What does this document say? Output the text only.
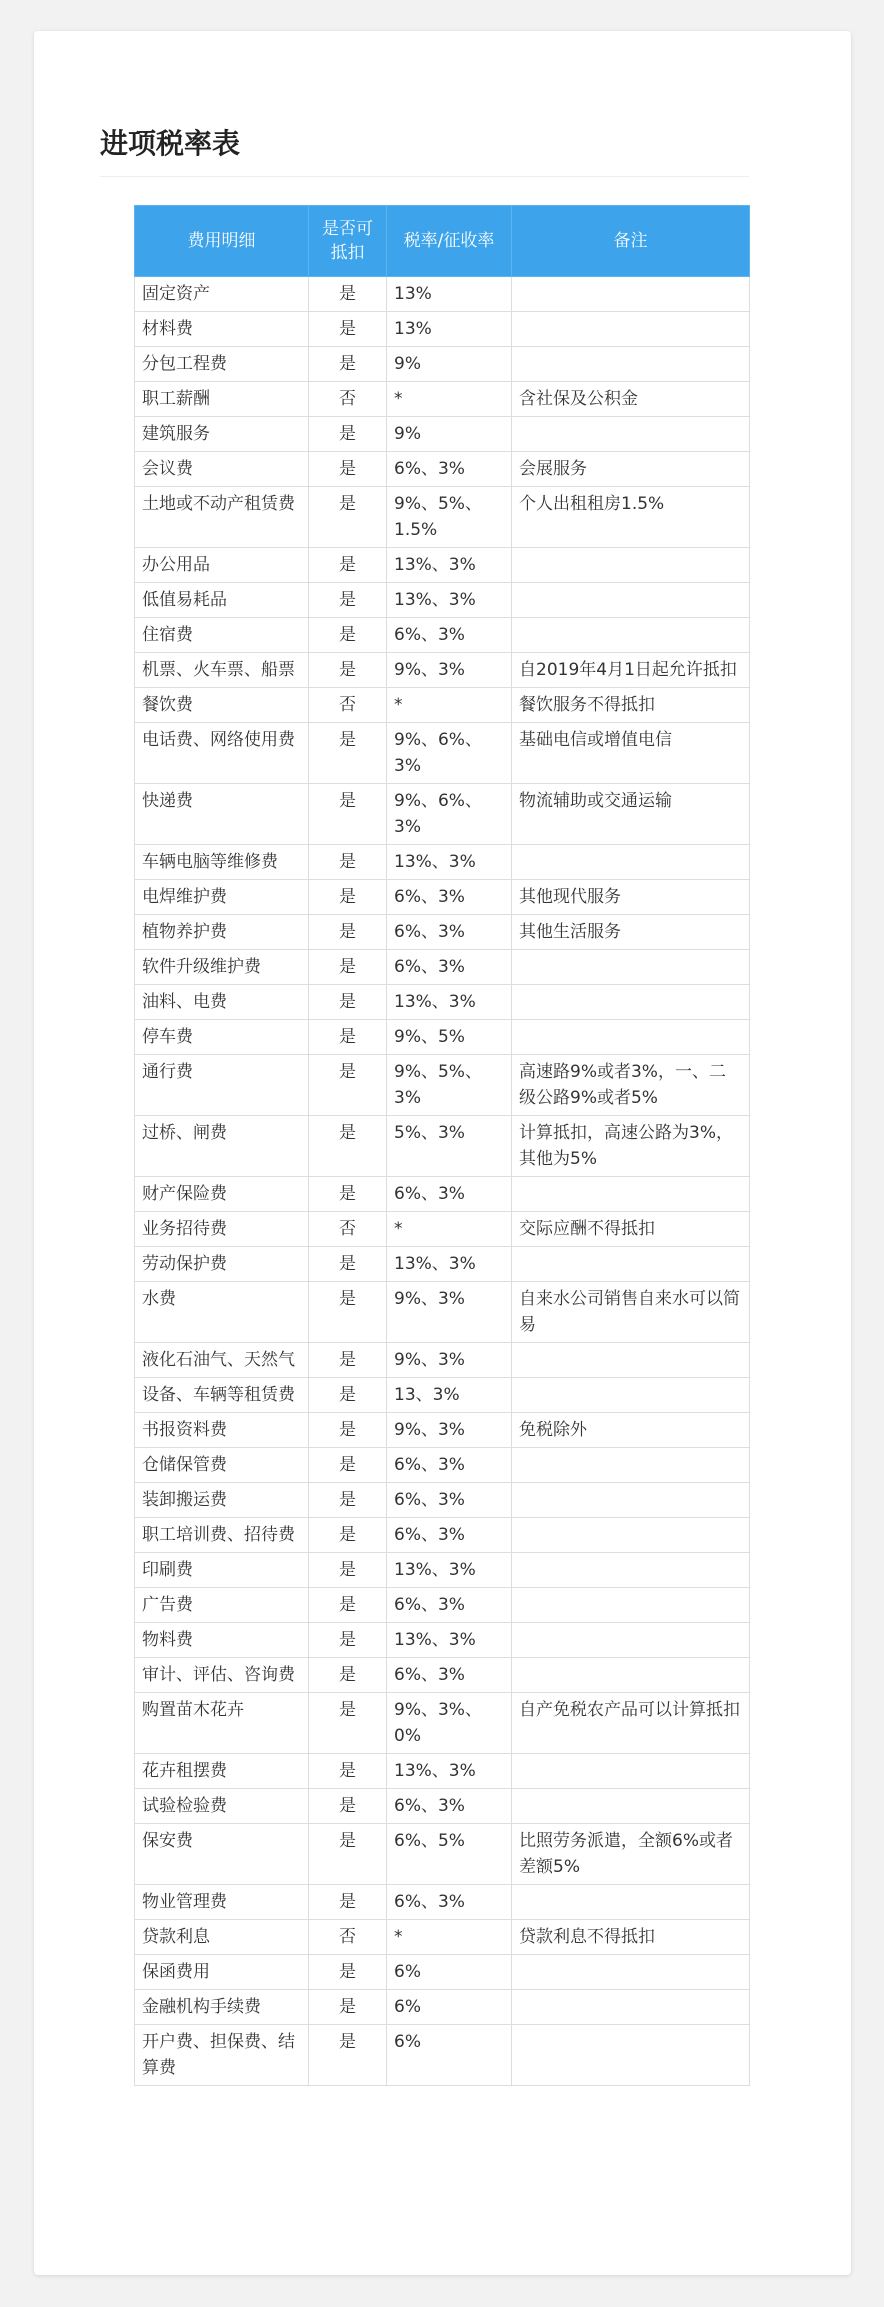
进项税率表
费用明细	是否可抵扣	税率/征收率	备注
固定资产	是	13%	
材料费	是	13%	
分包工程费	是	9%	
职工薪酬	否	*	含社保及公积金
建筑服务	是	9%	
会议费	是	6%、3%	会展服务
土地或不动产租赁费	是	9%、5%、1.5%	个人出租租房1.5%
办公用品	是	13%、3%	
低值易耗品	是	13%、3%	
住宿费	是	6%、3%	
机票、火车票、船票	是	9%、3%	自2019年4月1日起允许抵扣
餐饮费	否	*	餐饮服务不得抵扣
电话费、网络使用费	是	9%、6%、3%	基础电信或增值电信
快递费	是	9%、6%、3%	物流辅助或交通运输
车辆电脑等维修费	是	13%、3%	
电焊维护费	是	6%、3%	其他现代服务
植物养护费	是	6%、3%	其他生活服务
软件升级维护费	是	6%、3%	
油料、电费	是	13%、3%	
停车费	是	9%、5%	
通行费	是	9%、5%、3%	高速路9%或者3%，一、二级公路9%或者5%
过桥、闸费	是	5%、3%	计算抵扣，高速公路为3%，其他为5%
财产保险费	是	6%、3%	
业务招待费	否	*	交际应酬不得抵扣
劳动保护费	是	13%、3%	
水费	是	9%、3%	自来水公司销售自来水可以简易
液化石油气、天然气	是	9%、3%	
设备、车辆等租赁费	是	13、3%	
书报资料费	是	9%、3%	免税除外
仓储保管费	是	6%、3%	
装卸搬运费	是	6%、3%	
职工培训费、招待费	是	6%、3%	
印刷费	是	13%、3%	
广告费	是	6%、3%	
物料费	是	13%、3%	
审计、评估、咨询费	是	6%、3%	
购置苗木花卉	是	9%、3%、0%	自产免税农产品可以计算抵扣
花卉租摆费	是	13%、3%	
试验检验费	是	6%、3%	
保安费	是	6%、5%	比照劳务派遣，全额6%或者差额5%
物业管理费	是	6%、3%	
贷款利息	否	*	贷款利息不得抵扣
保函费用	是	6%	
金融机构手续费	是	6%	
开户费、担保费、结算费	是	6%	
